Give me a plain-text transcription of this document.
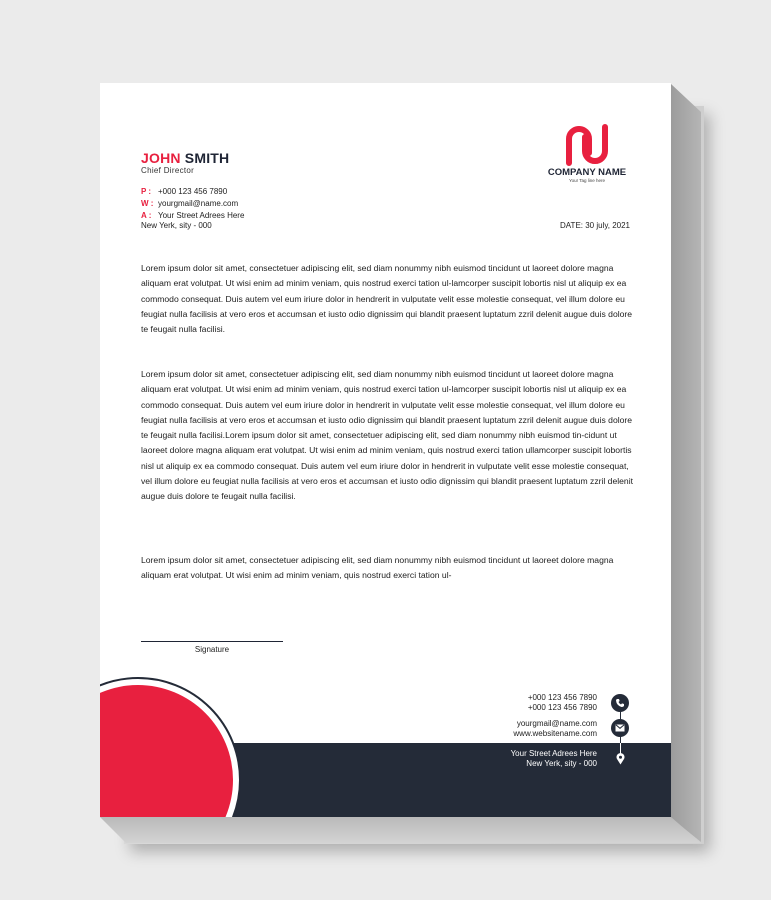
JOHN SMITH
Chief Director
P : +000 123 456 7890
W : yourgmail@name.com
A : Your Street Adrees Here
New Yerk, sity - 000
COMPANY NAME
Your Tag line here
DATE: 30 july, 2021

Lorem ipsum dolor sit amet, consectetuer adipiscing elit, sed diam nonummy nibh euismod tincidunt ut laoreet dolore magna aliquam erat volutpat. Ut wisi enim ad minim veniam, quis nostrud exerci tation ul-lamcorper suscipit lobortis nisl ut aliquip ex ea commodo consequat. Duis autem vel eum iriure dolor in hendrerit in vulputate velit esse molestie consequat, vel illum dolore eu feugiat nulla facilisis at vero eros et accumsan et iusto odio dignissim qui blandit praesent luptatum zzril delenit augue duis dolore te feugait nulla facilisi.

Lorem ipsum dolor sit amet, consectetuer adipiscing elit, sed diam nonummy nibh euismod tincidunt ut laoreet dolore magna aliquam erat volutpat. Ut wisi enim ad minim veniam, quis nostrud exerci tation ul-lamcorper suscipit lobortis nisl ut aliquip ex ea commodo consequat. Duis autem vel eum iriure dolor in hendrerit in vulputate velit esse molestie consequat, vel illum dolore eu feugiat nulla facilisis at vero eros et accumsan et iusto odio dignissim qui blandit praesent luptatum zzril delenit augue duis dolore te feugait nulla facilisi.Lorem ipsum dolor sit amet, consectetuer adipiscing elit, sed diam nonummy nibh euismod tin-cidunt ut laoreet dolore magna aliquam erat volutpat. Ut wisi enim ad minim veniam, quis nostrud exerci tation ullamcorper suscipit lobortis nisl ut aliquip ex ea commodo consequat. Duis autem vel eum iriure dolor in hendrerit in vulputate velit esse molestie consequat, vel illum dolore eu feugiat nulla facilisis at vero eros et accumsan et iusto odio dignissim qui blandit praesent luptatum zzril delenit augue duis dolore te feugait nulla facilisi.

Lorem ipsum dolor sit amet, consectetuer adipiscing elit, sed diam nonummy nibh euismod tincidunt ut laoreet dolore magna aliquam erat volutpat. Ut wisi enim ad minim veniam, quis nostrud exerci tation ul-

Signature
+000 123 456 7890
+000 123 456 7890
yourgmail@name.com
www.websitename.com
Your Street Adrees Here
New Yerk, sity - 000
